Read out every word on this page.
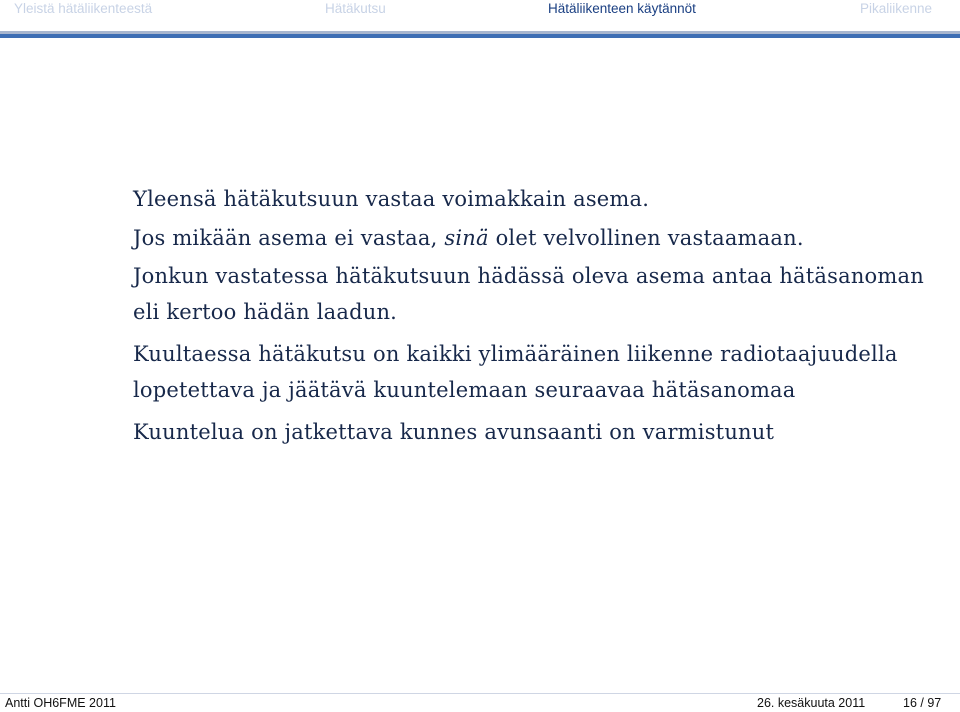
Yleistä hätäliikenteestä	Hätäkutsu	Hätäliikenteen käytännöt	Pikaliikenne

Yleensä hätäkutsuun vastaa voimakkain asema.

Jos mikään asema ei vastaa, sinä olet velvollinen vastaamaan.

Jonkun vastatessa hätäkutsuun hädässä oleva asema antaa hätäsanoman eli kertoo hädän laadun.

Kuultaessa hätäkutsu on kaikki ylimääräinen liikenne radiotaajuudella lopetettava ja jäätävä kuuntelemaan seuraavaa hätäsanomaa

Kuuntelua on jatkettava kunnes avunsaanti on varmistunut

Antti OH6FME 2011	26. kesäkuuta 2011	16 / 97
